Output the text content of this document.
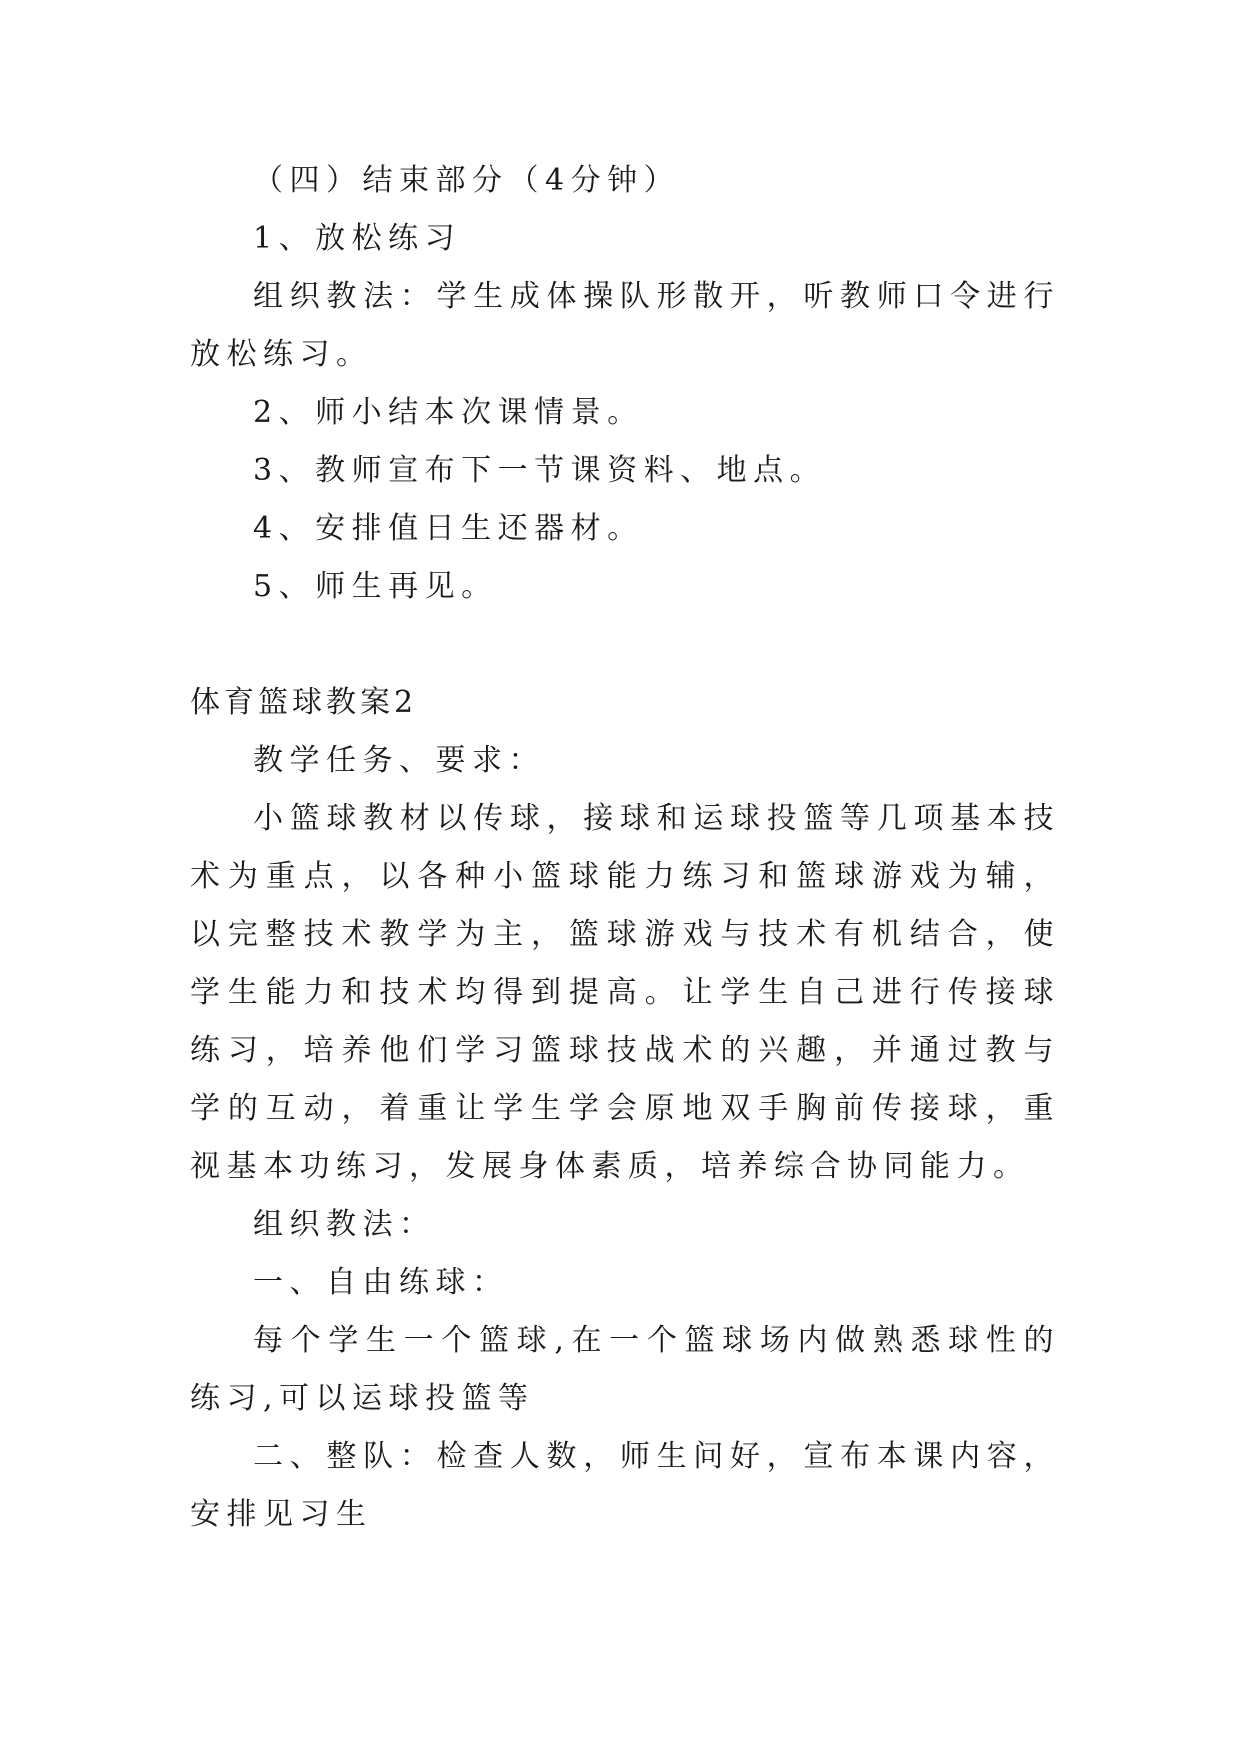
（四）结束部分（4分钟）

1、放松练习

组织教法：学生成体操队形散开，听教师口令进行放松练习。

2、师小结本次课情景。

3、教师宣布下一节课资料、地点。

4、安排值日生还器材。

5、师生再见。

体育篮球教案2

教学任务、要求：

小篮球教材以传球，接球和运球投篮等几项基本技术为重点，以各种小篮球能力练习和篮球游戏为辅，以完整技术教学为主，篮球游戏与技术有机结合，使学生能力和技术均得到提高。让学生自己进行传接球练习，培养他们学习篮球技战术的兴趣，并通过教与学的互动，着重让学生学会原地双手胸前传接球，重视基本功练习，发展身体素质，培养综合协同能力。

组织教法：

一、自由练球：

每个学生一个篮球,在一个篮球场内做熟悉球性的练习,可以运球投篮等

二、整队：检查人数，师生问好，宣布本课内容，安排见习生
